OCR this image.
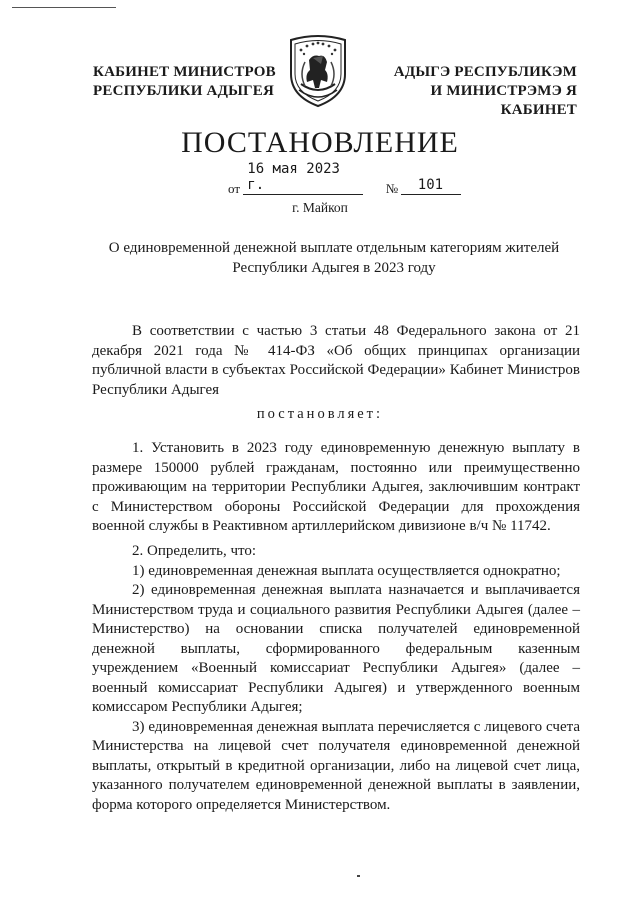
КАБИНЕТ МИНИСТРОВ
РЕСПУБЛИКИ АДЫГЕЯ
АДЫГЭ РЕСПУБЛИКЭМ
И МИНИСТРЭМЭ Я КАБИНЕТ
ПОСТАНОВЛЕНИЕ
от 16 мая 2023 г.	№ 101
г. Майкоп
О единовременной денежной выплате отдельным категориям жителей Республики Адыгея в 2023 году

В соответствии с частью 3 статьи 48 Федерального закона от 21 декабря 2021 года № 414-ФЗ «Об общих принципах организации публичной власти в субъектах Российской Федерации» Кабинет Министров Республики Адыгея

постановляет:

1. Установить в 2023 году единовременную денежную выплату в размере 150000 рублей гражданам, постоянно или преимущественно проживающим на территории Республики Адыгея, заключившим контракт с Министерством обороны Российской Федерации для прохождения военной службы в Реактивном артиллерийском дивизионе в/ч № 11742.

2. Определить, что:

1) единовременная денежная выплата осуществляется однократно;

2) единовременная денежная выплата назначается и выплачивается Министерством труда и социального развития Республики Адыгея (далее – Министерство) на основании списка получателей единовременной денежной выплаты, сформированного федеральным казенным учреждением «Военный комиссариат Республики Адыгея» (далее – военный комиссариат Республики Адыгея) и утвержденного военным комиссаром Республики Адыгея;

3) единовременная денежная выплата перечисляется с лицевого счета Министерства на лицевой счет получателя единовременной денежной выплаты, открытый в кредитной организации, либо на лицевой счет лица, указанного получателем единовременной денежной выплаты в заявлении, форма которого определяется Министерством.
